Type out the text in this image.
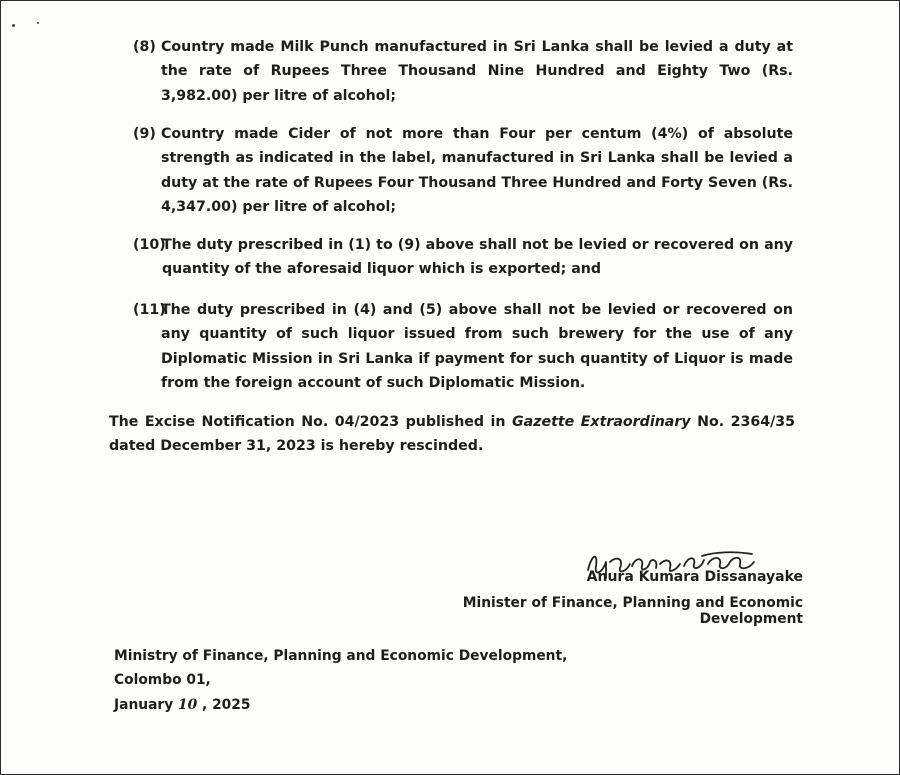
(8) Country made Milk Punch manufactured in Sri Lanka shall be levied a duty at the rate of Rupees Three Thousand Nine Hundred and Eighty Two (Rs. 3,982.00) per litre of alcohol;
(9) Country made Cider of not more than Four per centum (4%) of absolute strength as indicated in the label, manufactured in Sri Lanka shall be levied a duty at the rate of Rupees Four Thousand Three Hundred and Forty Seven (Rs. 4,347.00) per litre of alcohol;
(10)
The duty prescribed in (1) to (9) above shall not be levied or recovered on any quantity of the aforesaid liquor which is exported; and
(11)
The duty prescribed in (4) and (5) above shall not be levied or recovered on any quantity of such liquor issued from such brewery for the use of any Diplomatic Mission in Sri Lanka if payment for such quantity of Liquor is made from the foreign account of such Diplomatic Mission.
The Excise Notification No. 04/2023 published in Gazette Extraordinary No. 2364/35 dated December 31, 2023 is hereby rescinded.
Anura Kumara Dissanayake
Minister of Finance, Planning and Economic Development
Ministry of Finance, Planning and Economic Development,
Colombo 01,
January 10 , 2025
